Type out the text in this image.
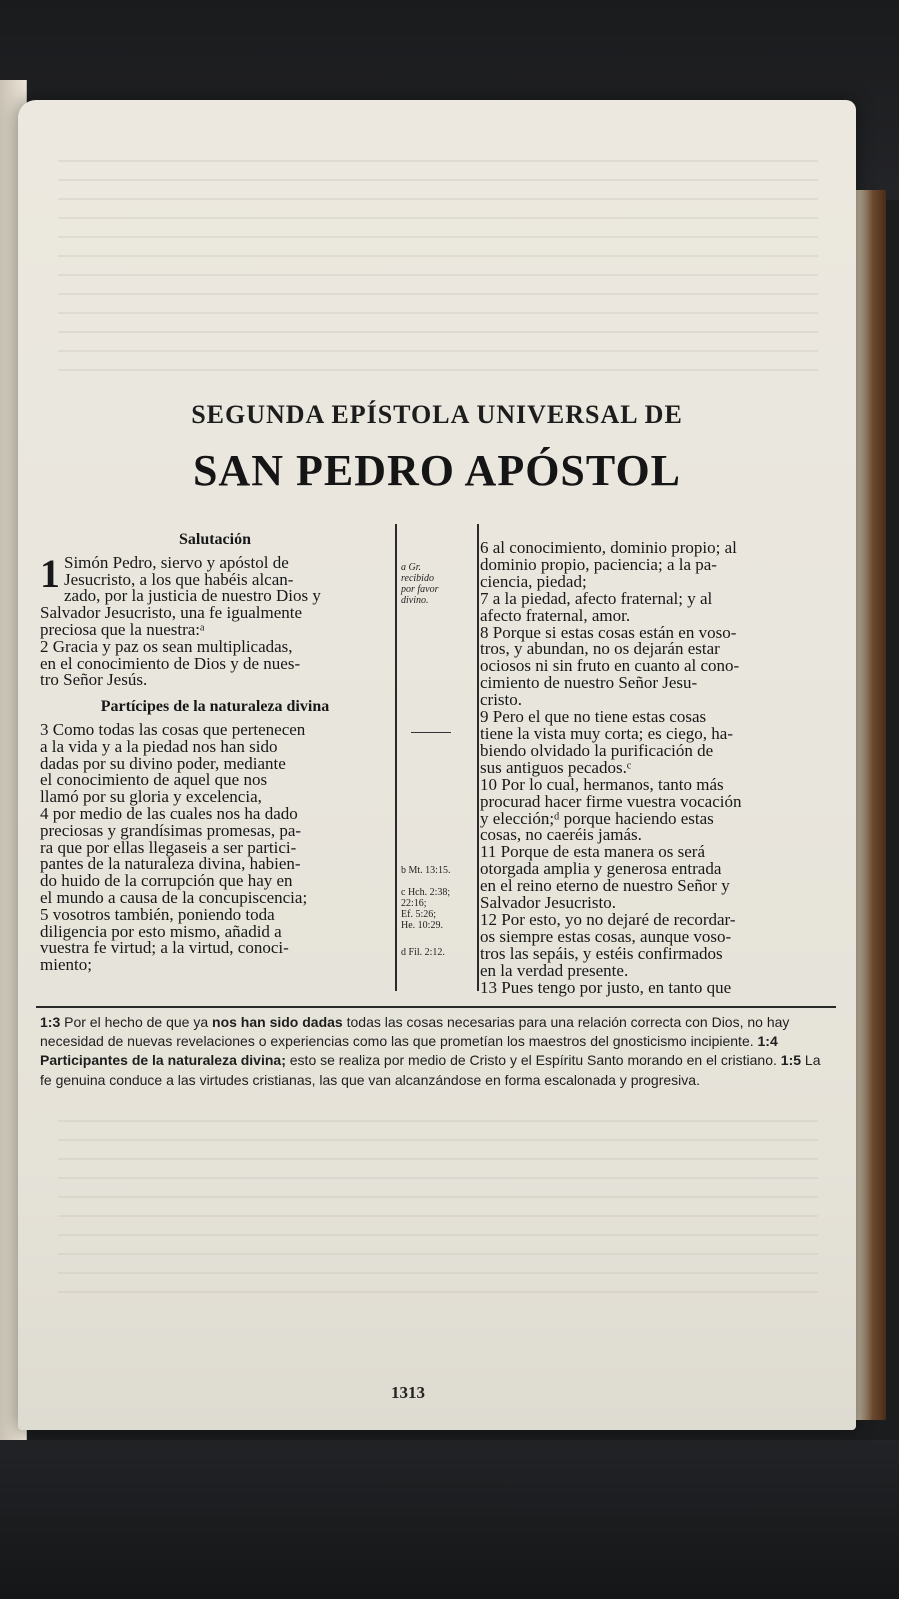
SEGUNDA EPÍSTOLA UNIVERSAL DE
SAN PEDRO APÓSTOL
Salutación
1 Simón Pedro, siervo y apóstol de
Jesucristo, a los que habéis alcan-
zado, por la justicia de nuestro Dios y
Salvador Jesucristo, una fe igualmente
preciosa que la nuestra:ᵃ
2 Gracia y paz os sean multiplicadas,
en el conocimiento de Dios y de nues-
tro Señor Jesús.
Partícipes de la naturaleza divina
3 Como todas las cosas que pertenecen
a la vida y a la piedad nos han sido
dadas por su divino poder, mediante
el conocimiento de aquel que nos
llamó por su gloria y excelencia,
4 por medio de las cuales nos ha dado
preciosas y grandísimas promesas, pa-
ra que por ellas llegaseis a ser partici-
pantes de la naturaleza divina, habien-
do huido de la corrupción que hay en
el mundo a causa de la concupiscencia;
5 vosotros también, poniendo toda
diligencia por esto mismo, añadid a
vuestra fe virtud; a la virtud, conoci-
miento;
a Gr.
recibido
por favor
divino.
b Mt. 13:15.
c Hch. 2:38;
22:16;
Ef. 5:26;
He. 10:29.
d Fil. 2:12.
6 al conocimiento, dominio propio; al
dominio propio, paciencia; a la pa-
ciencia, piedad;
7 a la piedad, afecto fraternal; y al
afecto fraternal, amor.
8 Porque si estas cosas están en voso-
tros, y abundan, no os dejarán estar
ociosos ni sin fruto en cuanto al cono-
cimiento de nuestro Señor Jesu-
cristo.
9 Pero el que no tiene estas cosas
tiene la vista muy corta; es ciego, ha-
biendo olvidado la purificación de
sus antiguos pecados.ᶜ
10 Por lo cual, hermanos, tanto más
procurad hacer firme vuestra vocación
y elección;ᵈ porque haciendo estas
cosas, no caeréis jamás.
11 Porque de esta manera os será
otorgada amplia y generosa entrada
en el reino eterno de nuestro Señor y
Salvador Jesucristo.
12 Por esto, yo no dejaré de recordar-
os siempre estas cosas, aunque voso-
tros las sepáis, y estéis confirmados
en la verdad presente.
13 Pues tengo por justo, en tanto que
1:3 Por el hecho de que ya nos han sido dadas todas las cosas necesarias para una relación correcta con Dios, no hay necesidad de nuevas revelaciones o experiencias como las que prometían los maestros del gnosticismo incipiente. 1:4 Participantes de la naturaleza divina; esto se realiza por medio de Cristo y el Espíritu Santo morando en el cristiano. 1:5 La fe genuina conduce a las virtudes cristianas, las que van alcanzándose en forma escalonada y progresiva.
1313
